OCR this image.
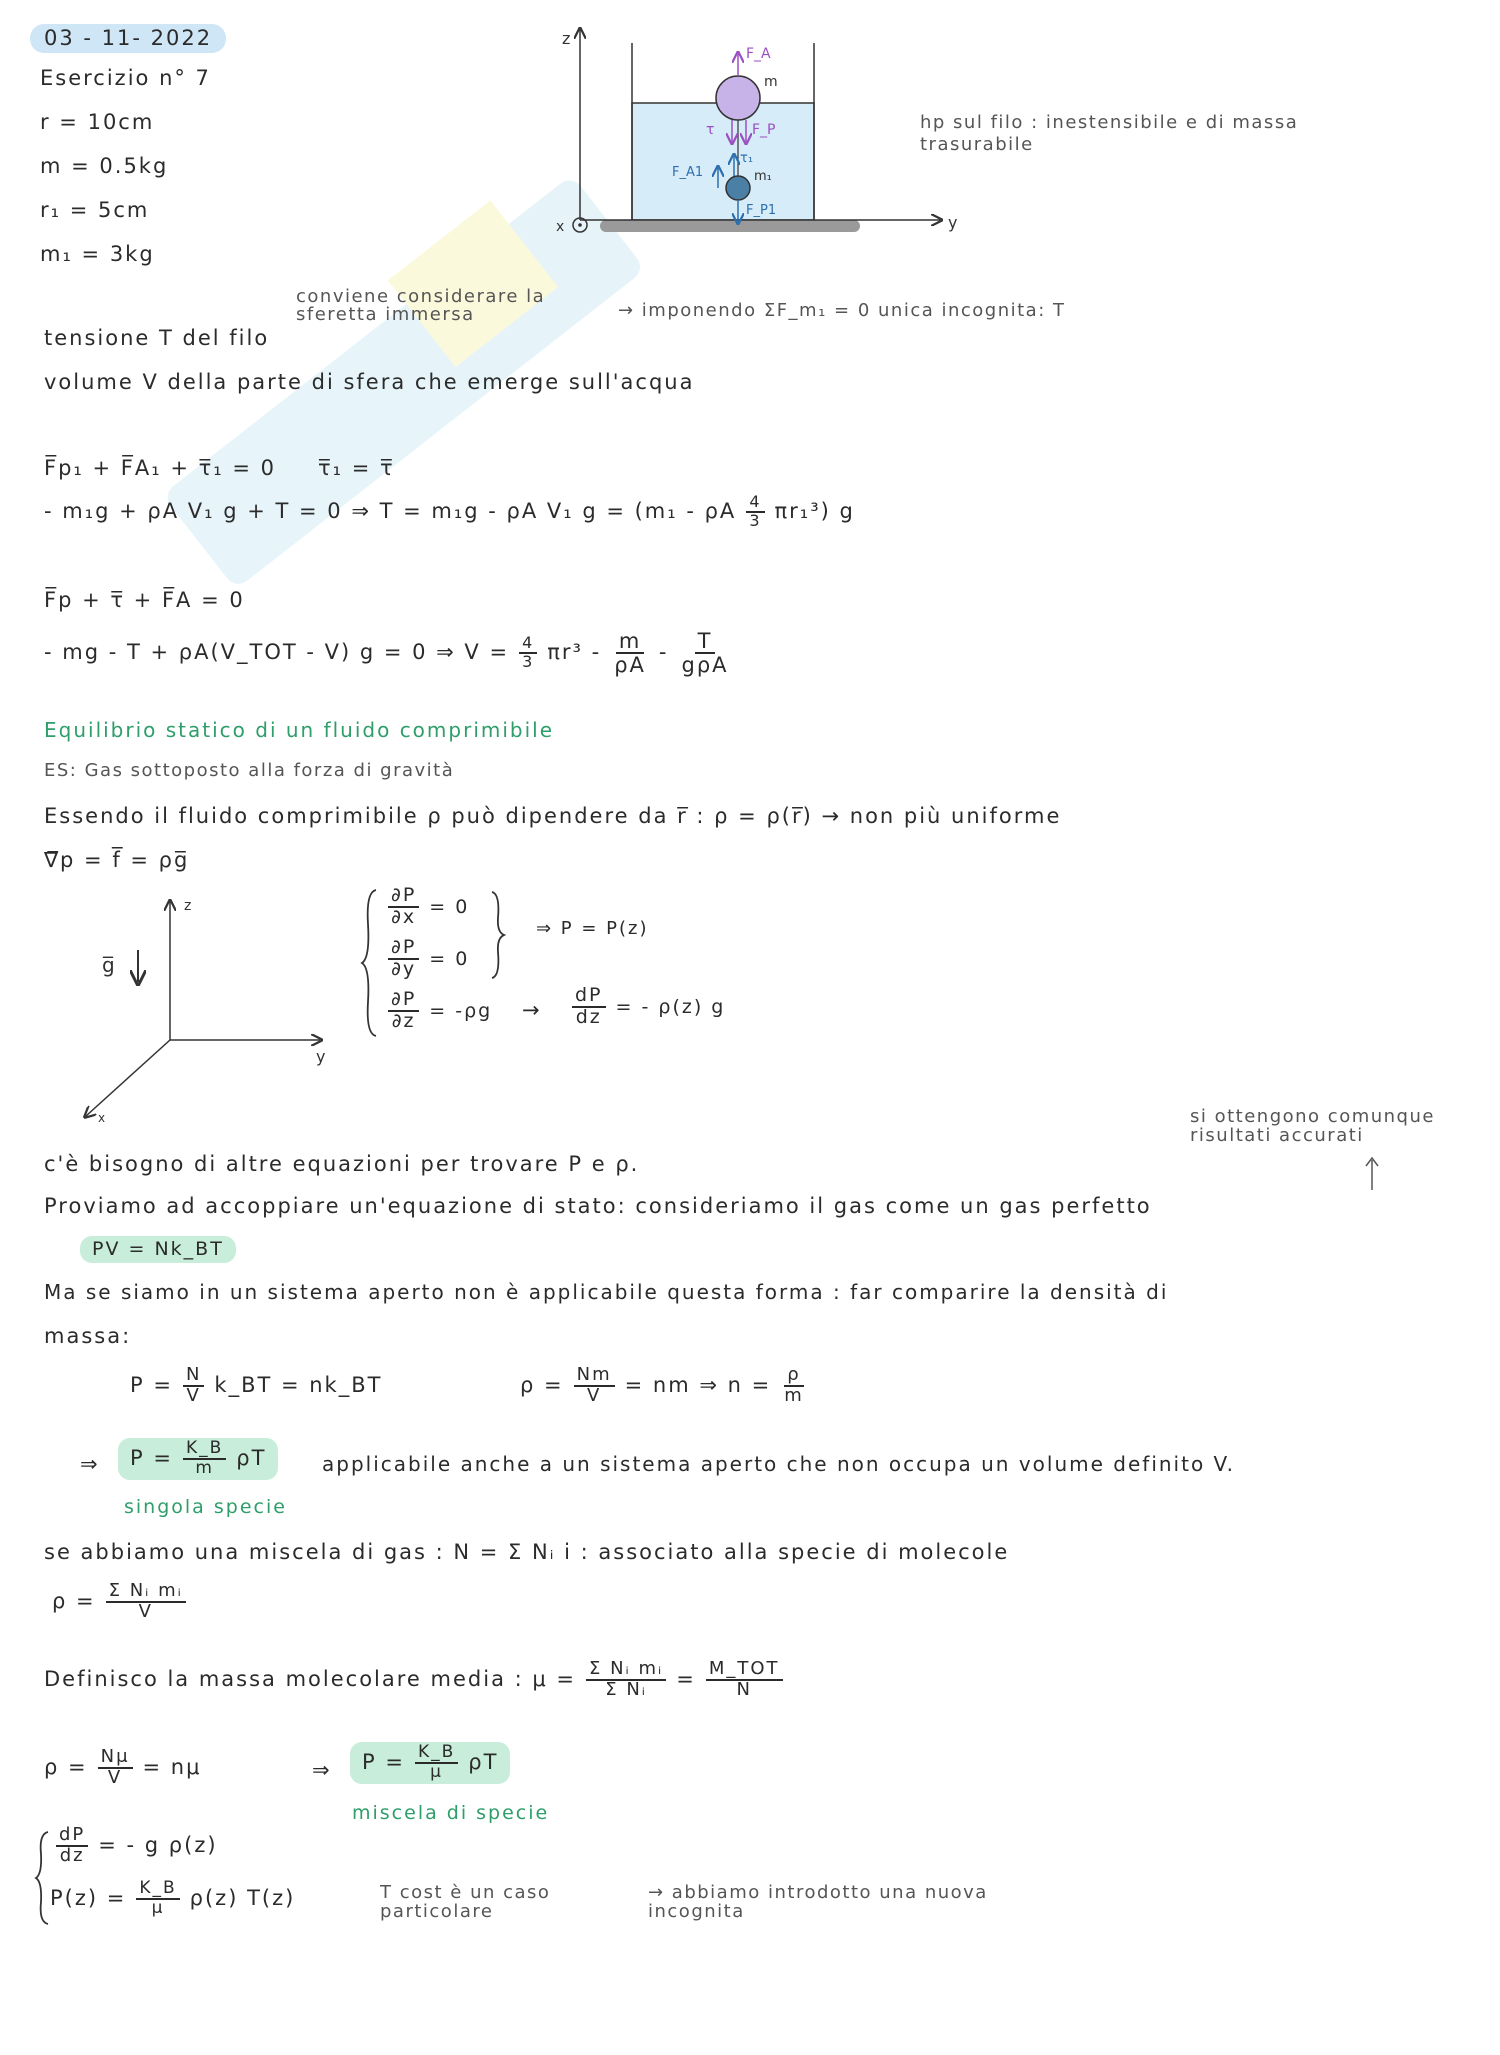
03 - 11- 2022
Esercizio n° 7
r = 10cm
m = 0.5kg
r₁ = 5cm
m₁ = 3kg
z
y
x
F_A
m
τ	F_P
τ₁
F_A1	m₁
F_P1
hp sul filo : inestensibile e di massa trasurabile
conviene considerare la sferetta immersa
tensione T del filo
→ imponendo ΣF_m₁ = 0 unica incognita: T
volume V della parte di sfera che emerge sull'acqua
F̅p₁ + F̅A₁ + τ̅₁ = 0 τ̅₁ = τ̅
- m₁g + ρA V₁ g + T = 0 ⇒ T = m₁g - ρA V₁ g = (m₁ - ρA $\frac{4}{3} \pi r_1^3$) g
F̅p + τ̅ + F̅A = 0
- mg - T + ρA(V_TOT - V) g = 0 ⇒ $V = \frac{4}{3} \pi r^3 - \frac{m}{\rho A} - \frac{T}{\text{gρA}}$
Equilibrio statico di un fluido comprimibile
ES: Gas sottoposto alla forza di gravità
Essendo il fluido comprimibile ρ può dipendere da r̅ : ρ = ρ(r̅) → non più uniforme
∇̅p = f̅ = ρg̅
z
y
x
g̅
$\frac{\partial P}{\partial x} = 0$
$\frac{\partial P}{\partial y} = 0$
$\frac{\partial P}{\partial z} = -\rho g$
⇒ P = P(z)
→ $\frac{dP}{dz}$ = - ρ(z) g
si ottengono comunque risultati accurati
c'è bisogno di altre equazioni per trovare P e ρ.
Proviamo ad accoppiare un'equazione di stato: consideriamo il gas come un gas perfetto
PV = Nk_BT
Ma se siamo in un sistema aperto non è applicabile questa forma : far comparire la densità di
massa:
$P = \frac{N}{V}$ k_BT = nk_BT	$\rho = \frac{Nm}{V}$ = nm ⇒ $n = \frac{\rho}{m}$
⇒ $P = \frac{K\_B}{m}$ ρT	applicabile anche a un sistema aperto che non occupa un volume definito V.
singola specie
se abbiamo una miscela di gas : N = Σ Nᵢ i : associato alla specie di molecole
$\rho = \frac{\text{Σ Nᵢ mᵢ}}{V}$
Definisco la massa molecolare media : $\mu = \frac{\text{Σ Nᵢ mᵢ}}{\text{Σ Nᵢ}} = \frac{\text{M\_TOT}}{N}$
$\rho = \frac{N\mu}{V} = n\mu$	⇒ $P = \frac{K\_B}{\mu}$ ρT
miscela di specie
$\frac{dP}{dz}$ = - g ρ(z)
$P(z) = \frac{K\_B}{\mu} \rho(z)$ T(z)	T cost è un caso particolare
→ abbiamo introdotto una nuova incognita
